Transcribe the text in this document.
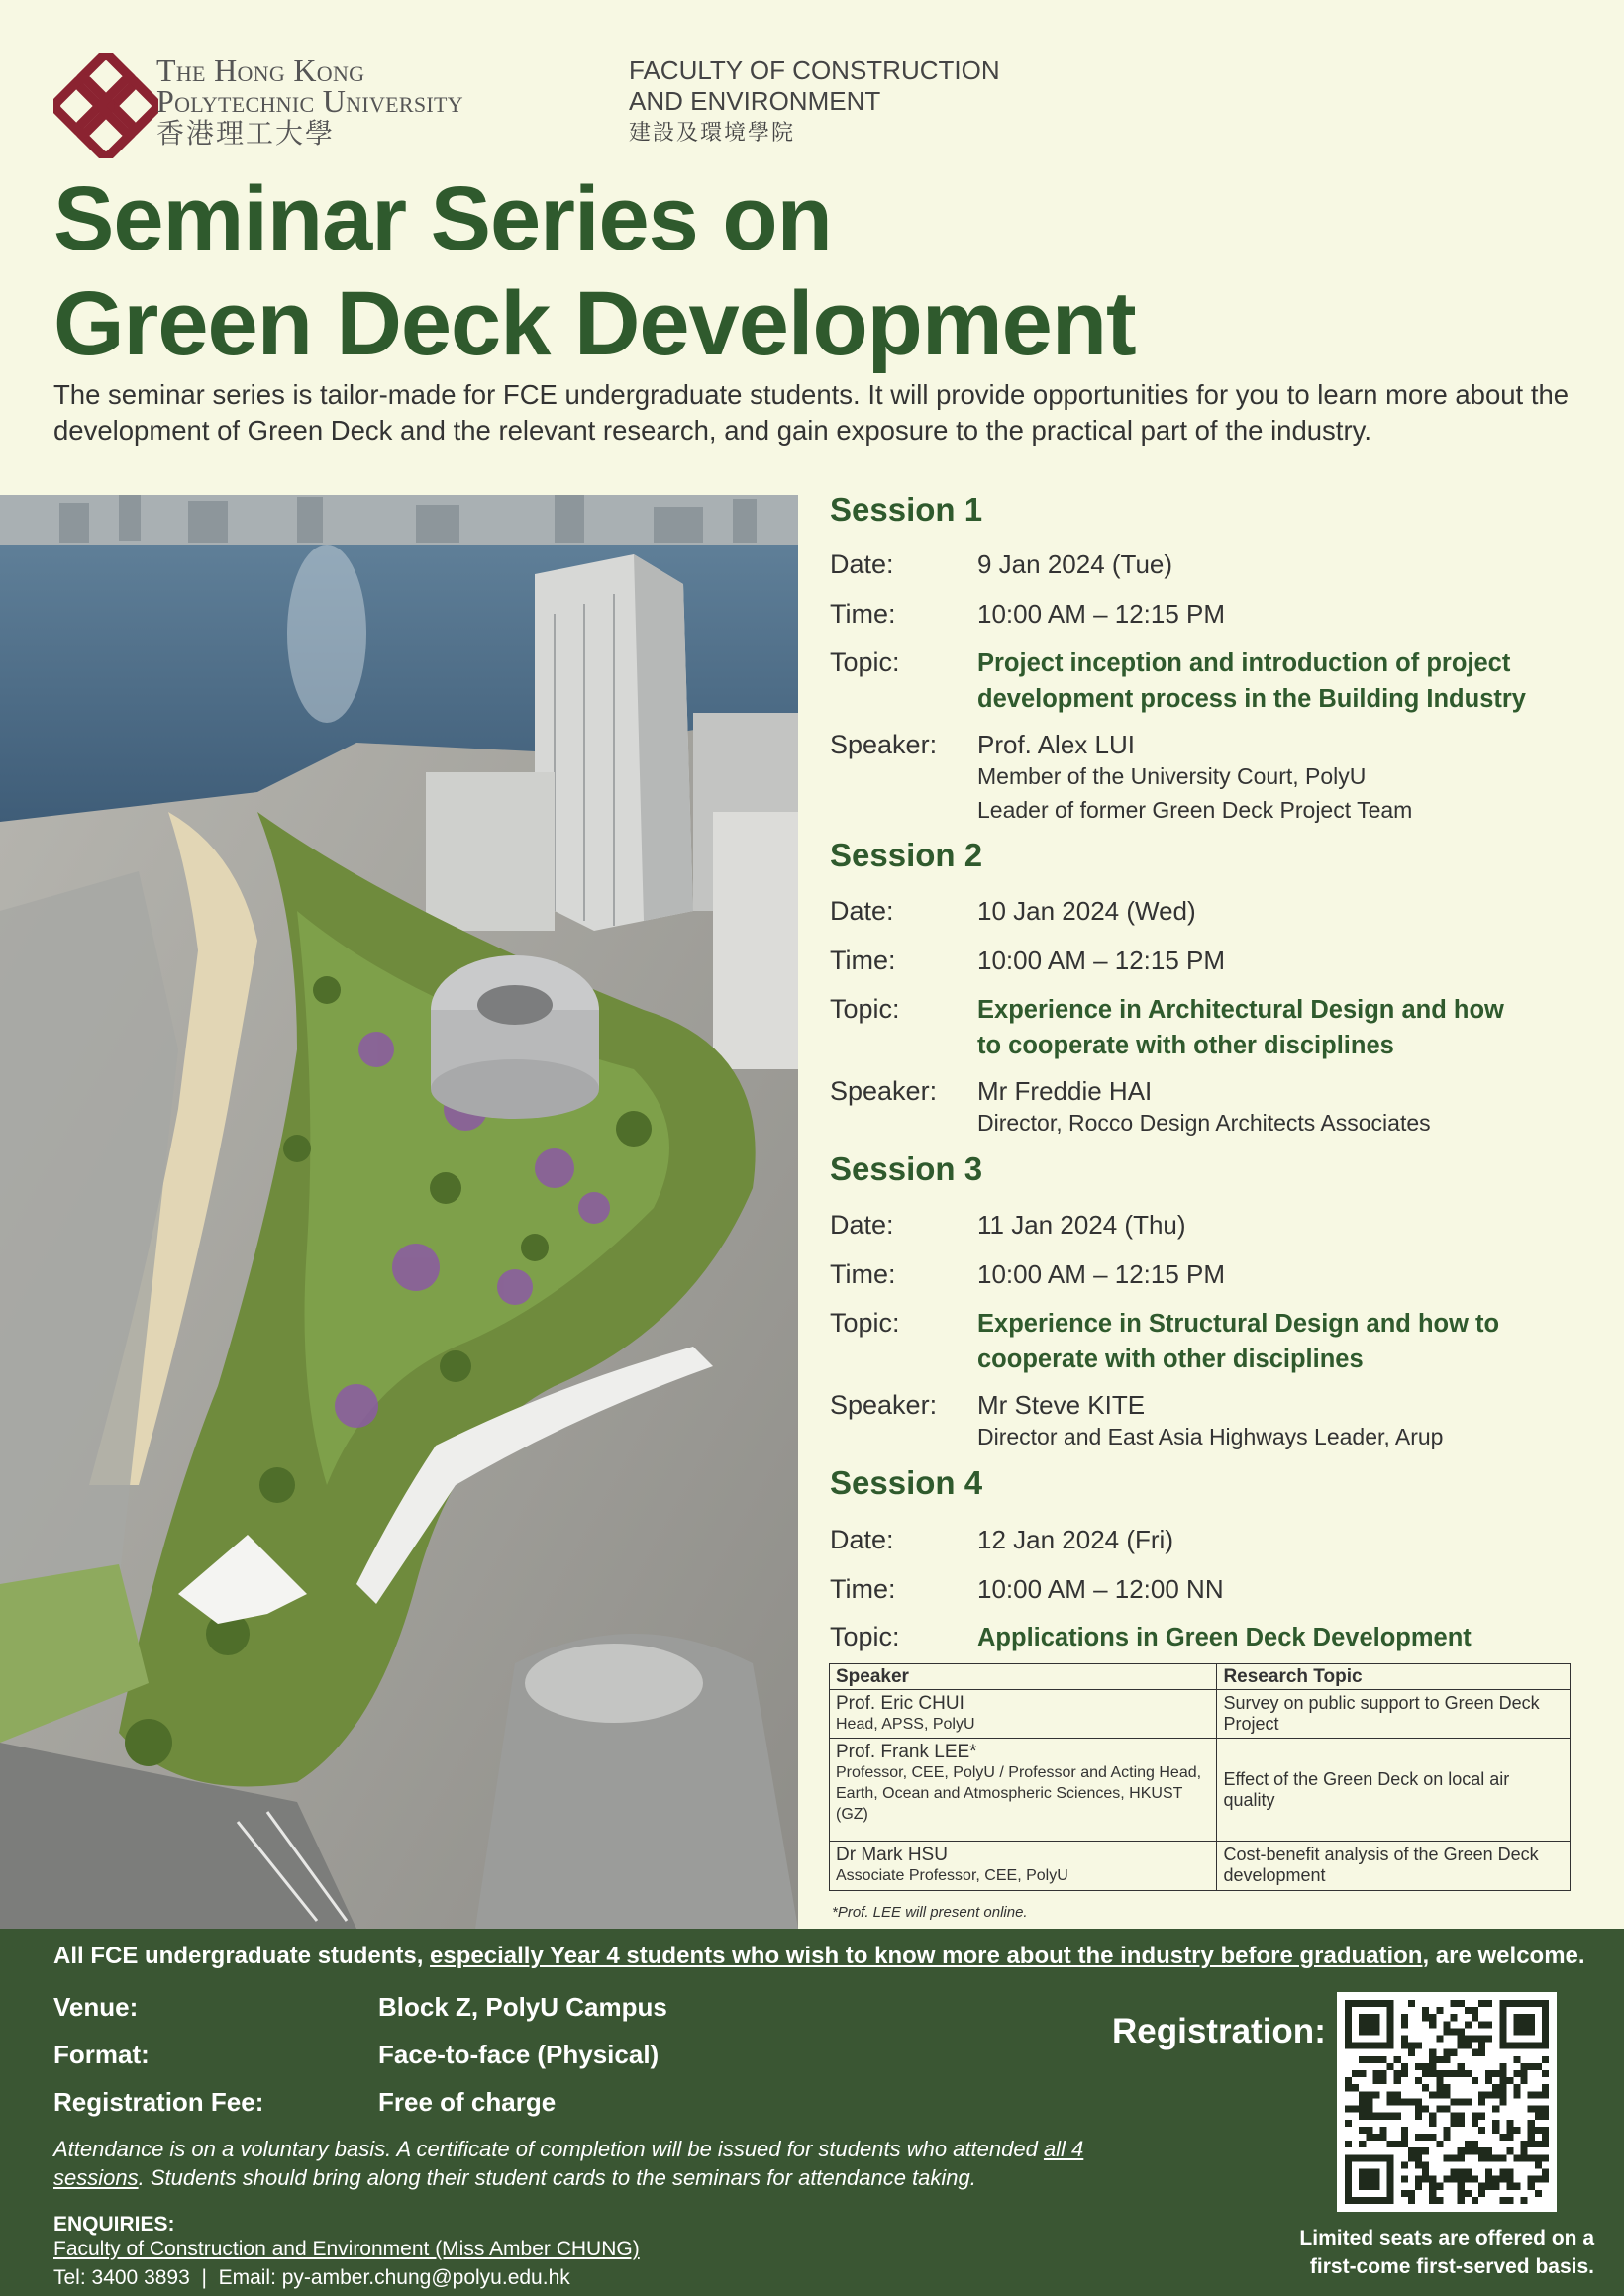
The Hong Kong
Polytechnic University
香港理工大學
FACULTY OF CONSTRUCTION
AND ENVIRONMENT
建設及環境學院
Seminar Series on
Green Deck Development
The seminar series is tailor-made for FCE undergraduate students. It will provide opportunities for you to learn more about the development of Green Deck and the relevant research, and gain exposure to the practical part of the industry.
Session 1
Date:	9 Jan 2024 (Tue)
Time:	10:00 AM – 12:15 PM
Topic:	Project inception and introduction of project
development process in the Building Industry
Speaker: Prof. Alex LUI
Member of the University Court, PolyU
Leader of former Green Deck Project Team
Session 2
Date:	10 Jan 2024 (Wed)
Time:	10:00 AM – 12:15 PM
Topic:	Experience in Architectural Design and how
to cooperate with other disciplines
Speaker: Mr Freddie HAI
Director, Rocco Design Architects Associates
Session 3
Date:	11 Jan 2024 (Thu)
Time:	10:00 AM – 12:15 PM
Topic:	Experience in Structural Design and how to
cooperate with other disciplines
Speaker: Mr Steve KITE
Director and East Asia Highways Leader, Arup
Session 4
Date:	12 Jan 2024 (Fri)
Time:	10:00 AM – 12:00 NN
Topic:	Applications in Green Deck Development
Speaker	Research Topic

Prof. Eric CHUI
Head, APSS, PolyU	Survey on public support to Green Deck Project

Prof. Frank LEE*
Professor, CEE, PolyU / Professor and Acting Head, Earth, Ocean and Atmospheric Sciences, HKUST (GZ)	Effect of the Green Deck on local air quality

Dr Mark HSU
Associate Professor, CEE, PolyU	Cost-benefit analysis of the Green Deck development
*Prof. LEE will present online.
All FCE undergraduate students, especially Year 4 students who wish to know more about the industry before graduation, are welcome.
Venue:	Block Z, PolyU Campus
Format:	Face-to-face (Physical)
Registration Fee:	Free of charge
Attendance is on a voluntary basis. A certificate of completion will be issued for students who attended all 4 sessions. Students should bring along their student cards to the seminars for attendance taking.
ENQUIRIES:
Faculty of Construction and Environment (Miss Amber CHUNG)
Tel: 3400 3893  |  Email: py-amber.chung@polyu.edu.hk
Registration:
Limited seats are offered on a
first-come first-served basis.
